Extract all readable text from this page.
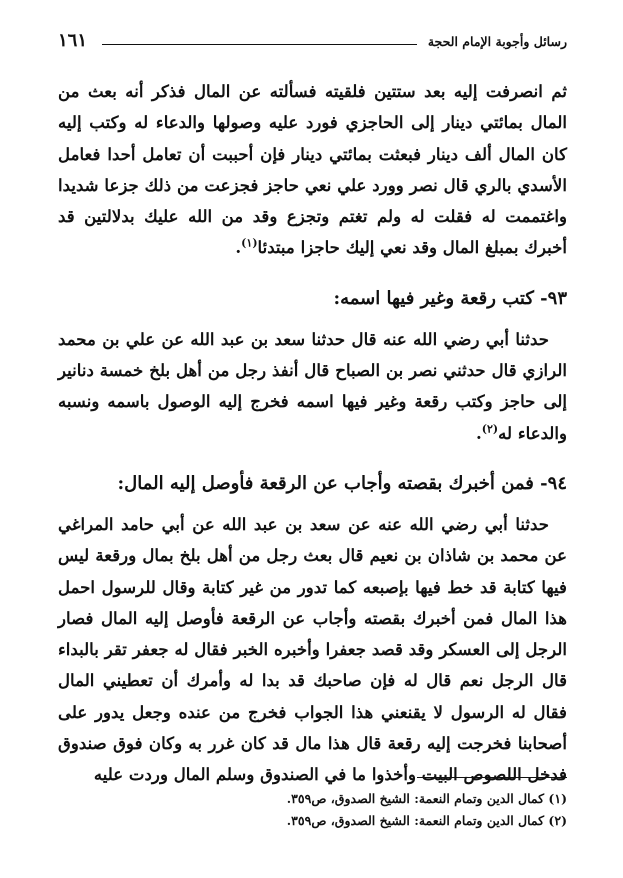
رسائل وأجوبة الإمام الحجة
١٦١

ثم انصرفت إليه بعد ستتين فلقيته فسألته عن المال فذكر أنه بعث من المال بمائتي دينار إلى الحاجزي فورد عليه وصولها والدعاء له وكتب إليه كان المال ألف دينار فبعثت بمائتي دينار فإن أحببت أن تعامل أحدا فعامل الأسدي بالري قال نصر وورد علي نعي حاجز فجزعت من ذلك جزعا شديدا واغتممت له فقلت له ولم تغتم وتجزع وقد من الله عليك بدلالتين قد أخبرك بمبلغ المال وقد نعي إليك حاجزا مبتدئا$^{(١)}$.

٩٣- كتب رقعة وغير فيها اسمه:

حدثنا أبي رضي الله عنه قال حدثنا سعد بن عبد الله عن علي بن محمد الرازي قال حدثني نصر بن الصباح قال أنفذ رجل من أهل بلخ خمسة دنانير إلى حاجز وكتب رقعة وغير فيها اسمه فخرج إليه الوصول باسمه ونسبه والدعاء له$^{(٢)}$.

٩٤- فمن أخبرك بقصته وأجاب عن الرقعة فأوصل إليه المال:

حدثنا أبي رضي الله عنه عن سعد بن عبد الله عن أبي حامد المراغي عن محمد بن شاذان بن نعيم قال بعث رجل من أهل بلخ بمال ورقعة ليس فيها كتابة قد خط فيها بإصبعه كما تدور من غير كتابة وقال للرسول احمل هذا المال فمن أخبرك بقصته وأجاب عن الرقعة فأوصل إليه المال فصار الرجل إلى العسكر وقد قصد جعفرا وأخبره الخبر فقال له جعفر تقر بالبداء قال الرجل نعم قال له فإن صاحبك قد بدا له وأمرك أن تعطيني المال فقال له الرسول لا يقنعني هذا الجواب فخرج من عنده وجعل يدور على أصحابنا فخرجت إليه رقعة قال هذا مال قد كان غرر به وكان فوق صندوق فدخل اللصوص البيت وأخذوا ما في الصندوق وسلم المال وردت عليه

(١) كمال الدين وتمام النعمة: الشيخ الصدوق، ص٣٥٩.

(٢) كمال الدين وتمام النعمة: الشيخ الصدوق، ص٣٥٩.
